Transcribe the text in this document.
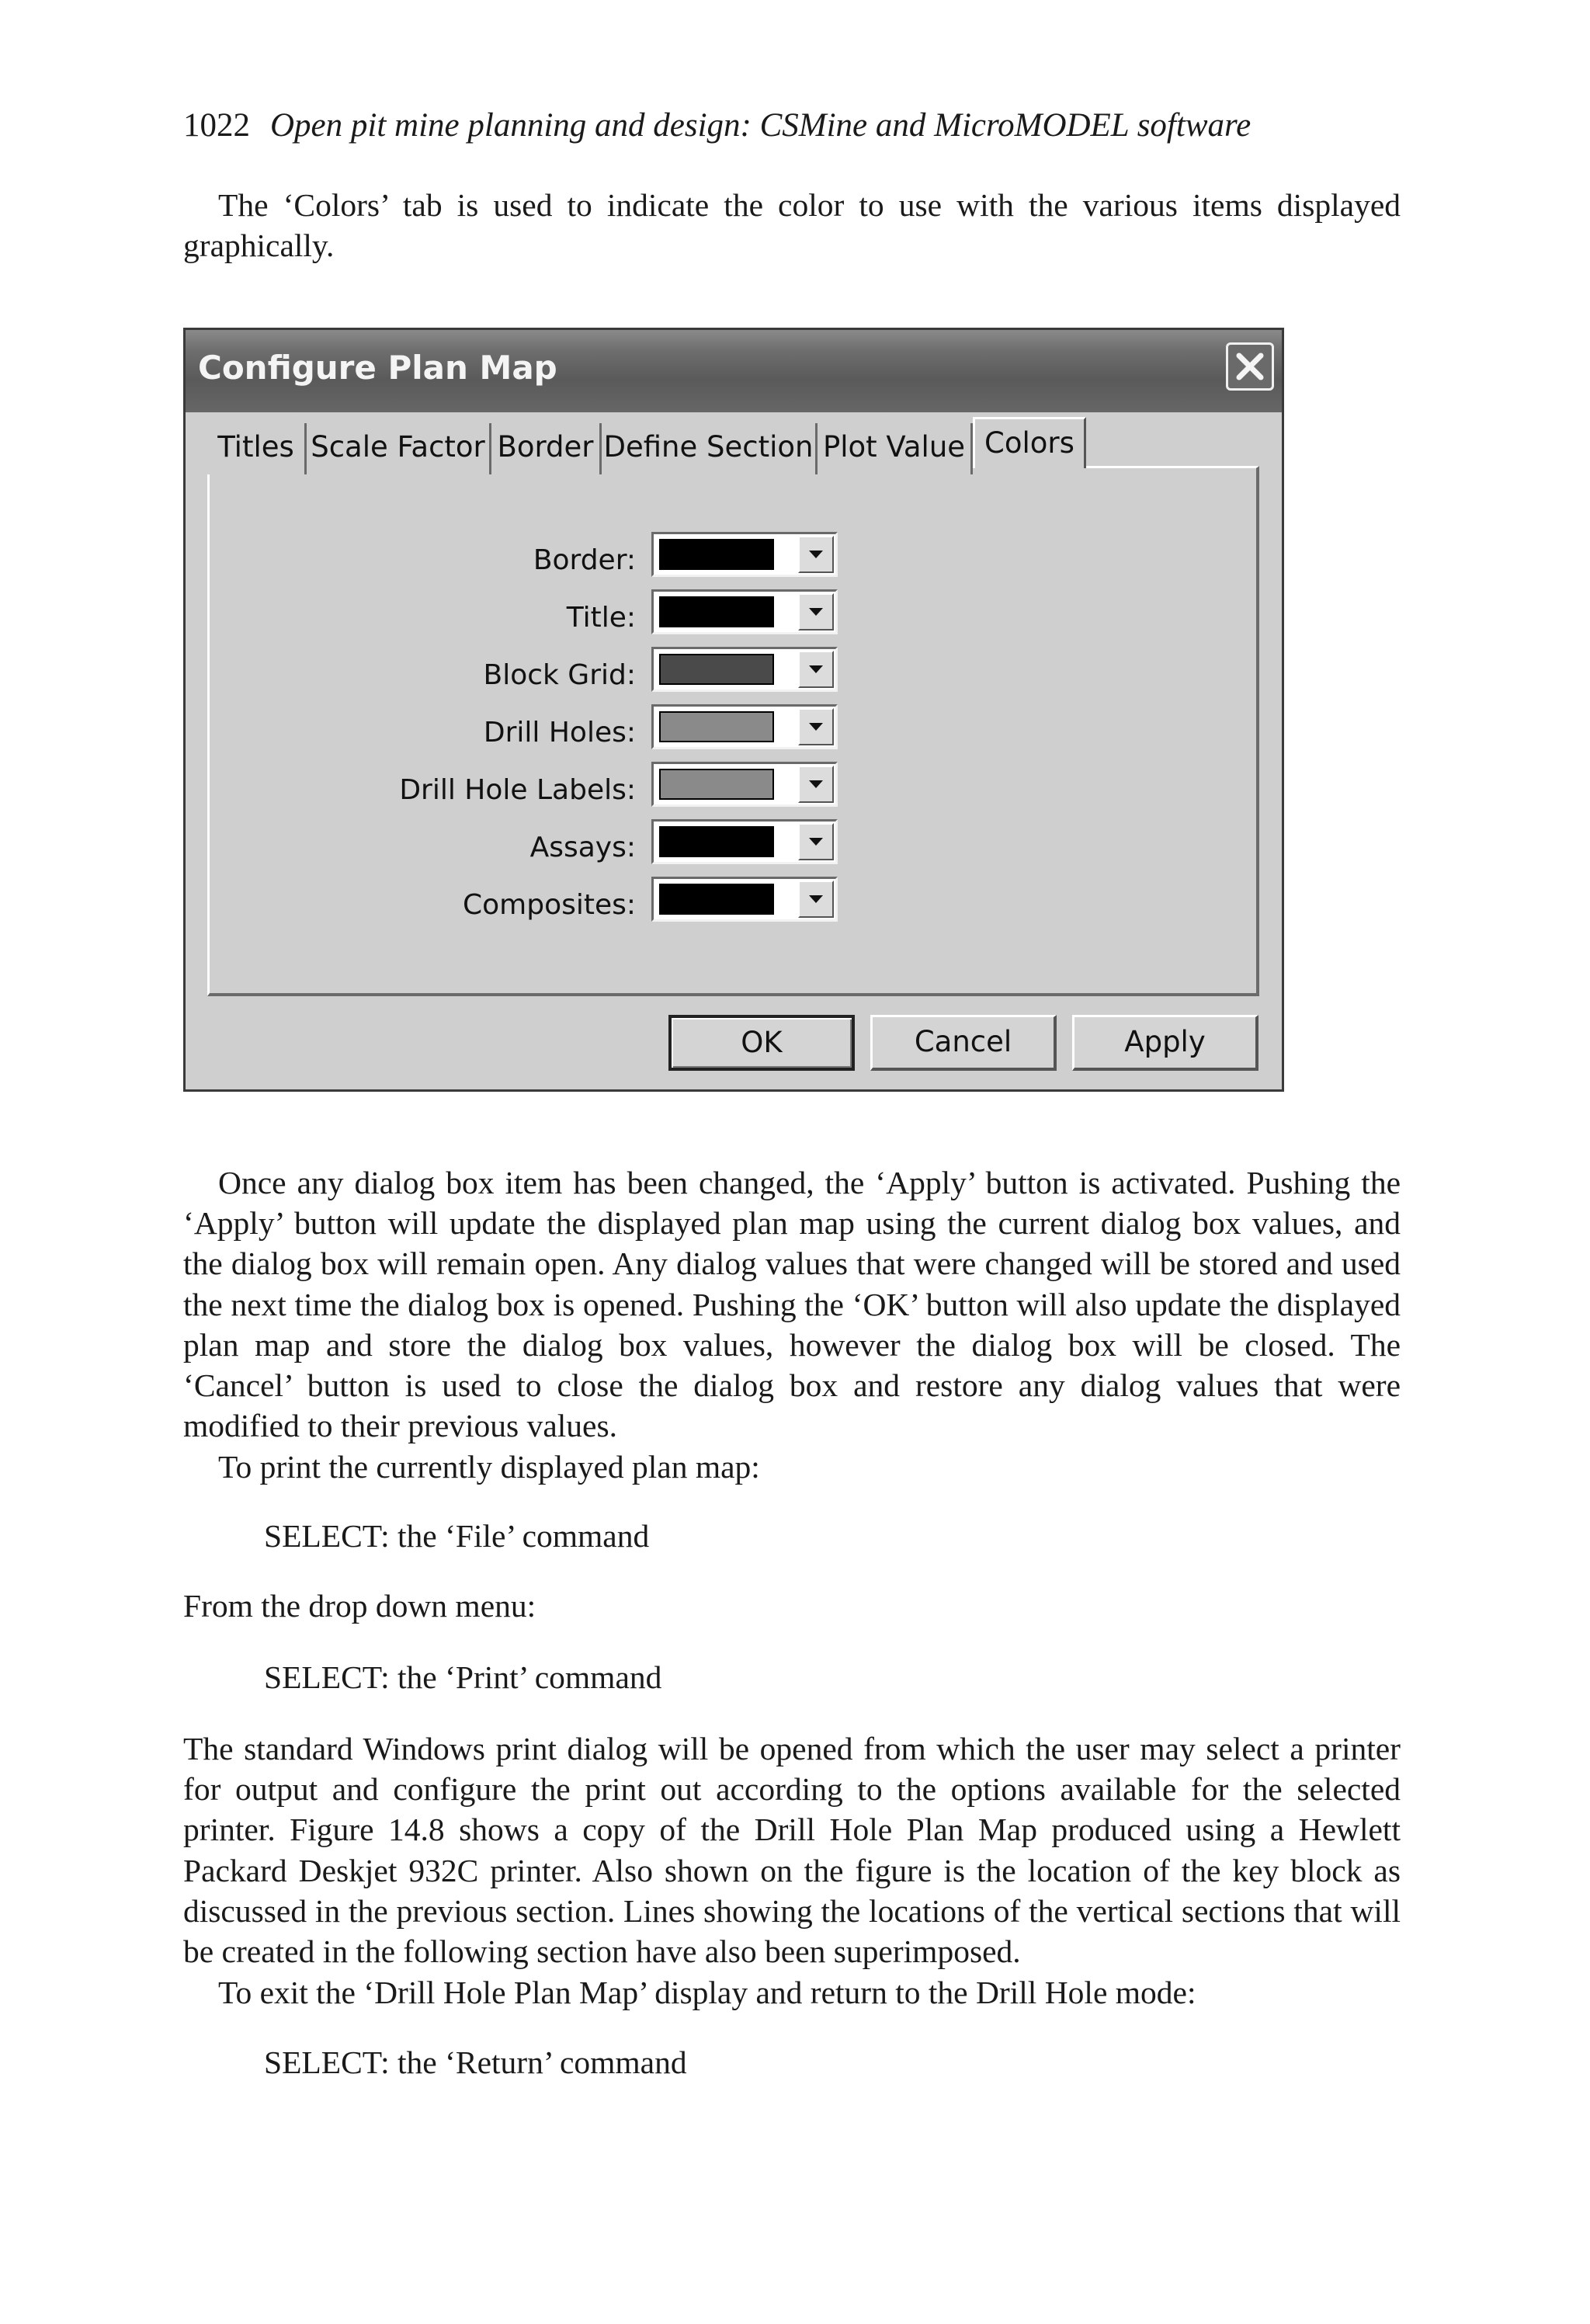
1022 Open pit mine planning and design: CSMine and MicroMODEL software

The ‘Colors’ tab is used to indicate the color to use with the various items displayed graphically.

Configure Plan Map
Titles Scale Factor Border Define Section Plot Value Colors
Border:
Title:
Block Grid:
Drill Holes:
Drill Hole Labels:
Assays:
Composites:
OK	Cancel	Apply

Once any dialog box item has been changed, the ‘Apply’ button is activated. Pushing the ‘Apply’ button will update the displayed plan map using the current dialog box values, and the dialog box will remain open. Any dialog values that were changed will be stored and used the next time the dialog box is opened. Pushing the ‘OK’ button will also update the displayed plan map and store the dialog box values, however the dialog box will be closed. The ‘Cancel’ button is used to close the dialog box and restore any dialog values that were modified to their previous values.

To print the currently displayed plan map:

SELECT: the ‘File’ command

From the drop down menu:

SELECT: the ‘Print’ command

The standard Windows print dialog will be opened from which the user may select a printer for output and configure the print out according to the options available for the selected printer. Figure 14.8 shows a copy of the Drill Hole Plan Map produced using a Hewlett Packard Deskjet 932C printer. Also shown on the figure is the location of the key block as discussed in the previous section. Lines showing the locations of the vertical sections that will be created in the following section have also been superimposed.

To exit the ‘Drill Hole Plan Map’ display and return to the Drill Hole mode:

SELECT: the ‘Return’ command
